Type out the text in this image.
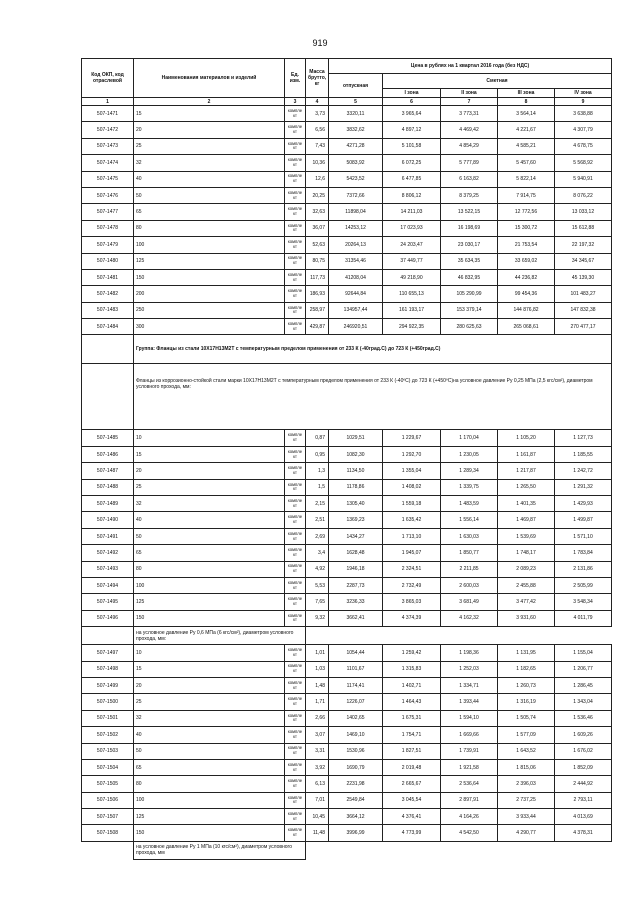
919
Код ОКП, код отраслевой	Наименования материалов и изделий	Ед. изм.	Масса брутто, кг	Цена в рублях на 1 квартал 2016 года (без НДС)				
				отпускная	Сметная			
					I зона	II зона	III зона	IV зона
1	2	3	4	5	6	7	8	9
507-1471	15	компле кт	3,73	3320,11	3 965,64	3 773,31	3 564,14	3 638,88
507-1472	20	компле кт	6,56	3832,62	4 897,12	4 469,42	4 221,67	4 307,79
507-1473	25	компле кт	7,43	4271,28	5 101,58	4 854,29	4 585,21	4 678,75
507-1474	32	компле кт	10,36	5083,92	6 072,25	5 777,89	5 457,60	5 568,92
507-1475	40	компле кт	12,6	5423,52	6 477,85	6 163,82	5 822,14	5 940,91
507-1476	50	компле кт	20,25	7372,66	8 806,12	8 379,25	7 914,75	8 076,22
507-1477	65	компле кт	32,63	11898,04	14 211,03	13 522,15	12 772,56	13 033,12
507-1478	80	компле кт	36,07	14253,12	17 023,93	16 198,69	15 300,72	15 612,88
507-1479	100	компле кт	52,63	20264,13	24 203,47	23 030,17	21 753,54	22 197,32
507-1480	125	компле кт	80,75	31354,46	37 449,77	35 634,35	33 659,02	34 345,67
507-1481	150	компле кт	117,73	41208,04	49 218,90	46 832,95	44 236,82	45 139,30
507-1482	200	компле кт	186,93	92644,84	110 655,13	105 290,99	99 454,36	101 483,27
507-1483	250	компле кт	258,97	134957,44	161 193,17	153 379,14	144 876,82	147 832,38
507-1484	300	компле кт	429,87	246920,51	294 922,35	280 625,63	265 068,61	270 477,17
	Группа: Фланцы из стали 10Х17Н13М2Т с температурным пределом применения от 233 К (-40град.С) до 723 К (+450град.С)							
	Фланцы из коррозионно-стойкой стали марки 10Х17Н13М2Т с температурным пределом применения от 233 К (-40ºС) до 723 К (+450ºС)на условное давление Ру 0,25 МПа (2,5 кгс/см²), диаметром условного прохода, мм:							
507-1485	10	компле кт	0,87	1029,51	1 229,67	1 170,04	1 105,20	1 127,73
507-1486	15	компле кт	0,95	1082,30	1 292,70	1 230,05	1 161,87	1 185,55
507-1487	20	компле кт	1,3	1134,50	1 355,04	1 289,34	1 217,87	1 242,72
507-1488	25	компле кт	1,5	1178,86	1 408,02	1 339,75	1 265,50	1 291,32
507-1489	32	компле кт	2,15	1305,40	1 559,18	1 483,59	1 401,35	1 429,93
507-1490	40	компле кт	2,51	1369,23	1 635,42	1 556,14	1 469,87	1 499,87
507-1491	50	компле кт	2,69	1434,27	1 713,10	1 630,03	1 539,69	1 571,10
507-1492	65	компле кт	3,4	1628,48	1 945,07	1 850,77	1 748,17	1 783,84
507-1493	80	компле кт	4,92	1946,18	2 324,51	2 211,85	2 089,23	2 131,86
507-1494	100	компле кт	5,53	2287,73	2 732,49	2 600,03	2 455,88	2 505,99
507-1495	125	компле кт	7,65	3236,33	3 865,03	3 681,49	3 477,42	3 548,34
507-1496	150	компле кт	9,32	3662,41	4 374,39	4 162,32	3 931,60	4 011,79
	на условное давление Ру 0,6 МПа (6 кгс/см²), диаметром условного прохода, мм:							
507-1497	10	компле кт	1,01	1054,44	1 259,42	1 198,36	1 131,95	1 155,04
507-1498	15	компле кт	1,03	1101,67	1 315,83	1 252,03	1 182,65	1 206,77
507-1499	20	компле кт	1,48	1174,41	1 402,71	1 334,71	1 260,73	1 286,45
507-1500	25	компле кт	1,71	1226,07	1 464,43	1 393,44	1 316,19	1 343,04
507-1501	32	компле кт	2,66	1402,65	1 675,31	1 594,10	1 505,74	1 536,46
507-1502	40	компле кт	3,07	1469,10	1 754,71	1 669,66	1 577,09	1 609,26
507-1503	50	компле кт	3,31	1530,96	1 827,51	1 739,91	1 643,52	1 676,02
507-1504	65	компле кт	3,92	1690,79	2 019,48	1 921,58	1 815,06	1 852,09
507-1505	80	компле кт	6,13	2231,98	2 665,67	2 536,64	2 396,03	2 444,92
507-1506	100	компле кт	7,01	2549,84	3 045,54	2 897,91	2 737,25	2 793,11
507-1507	125	компле кт	10,45	3664,12	4 376,41	4 164,26	3 933,44	4 013,69
507-1508	150	компле кт	11,48	3996,99	4 773,99	4 542,50	4 290,77	4 378,31
	на условное давление Ру 1 МПа (10 кгс/см²), диаметром условного прохода, мм							
